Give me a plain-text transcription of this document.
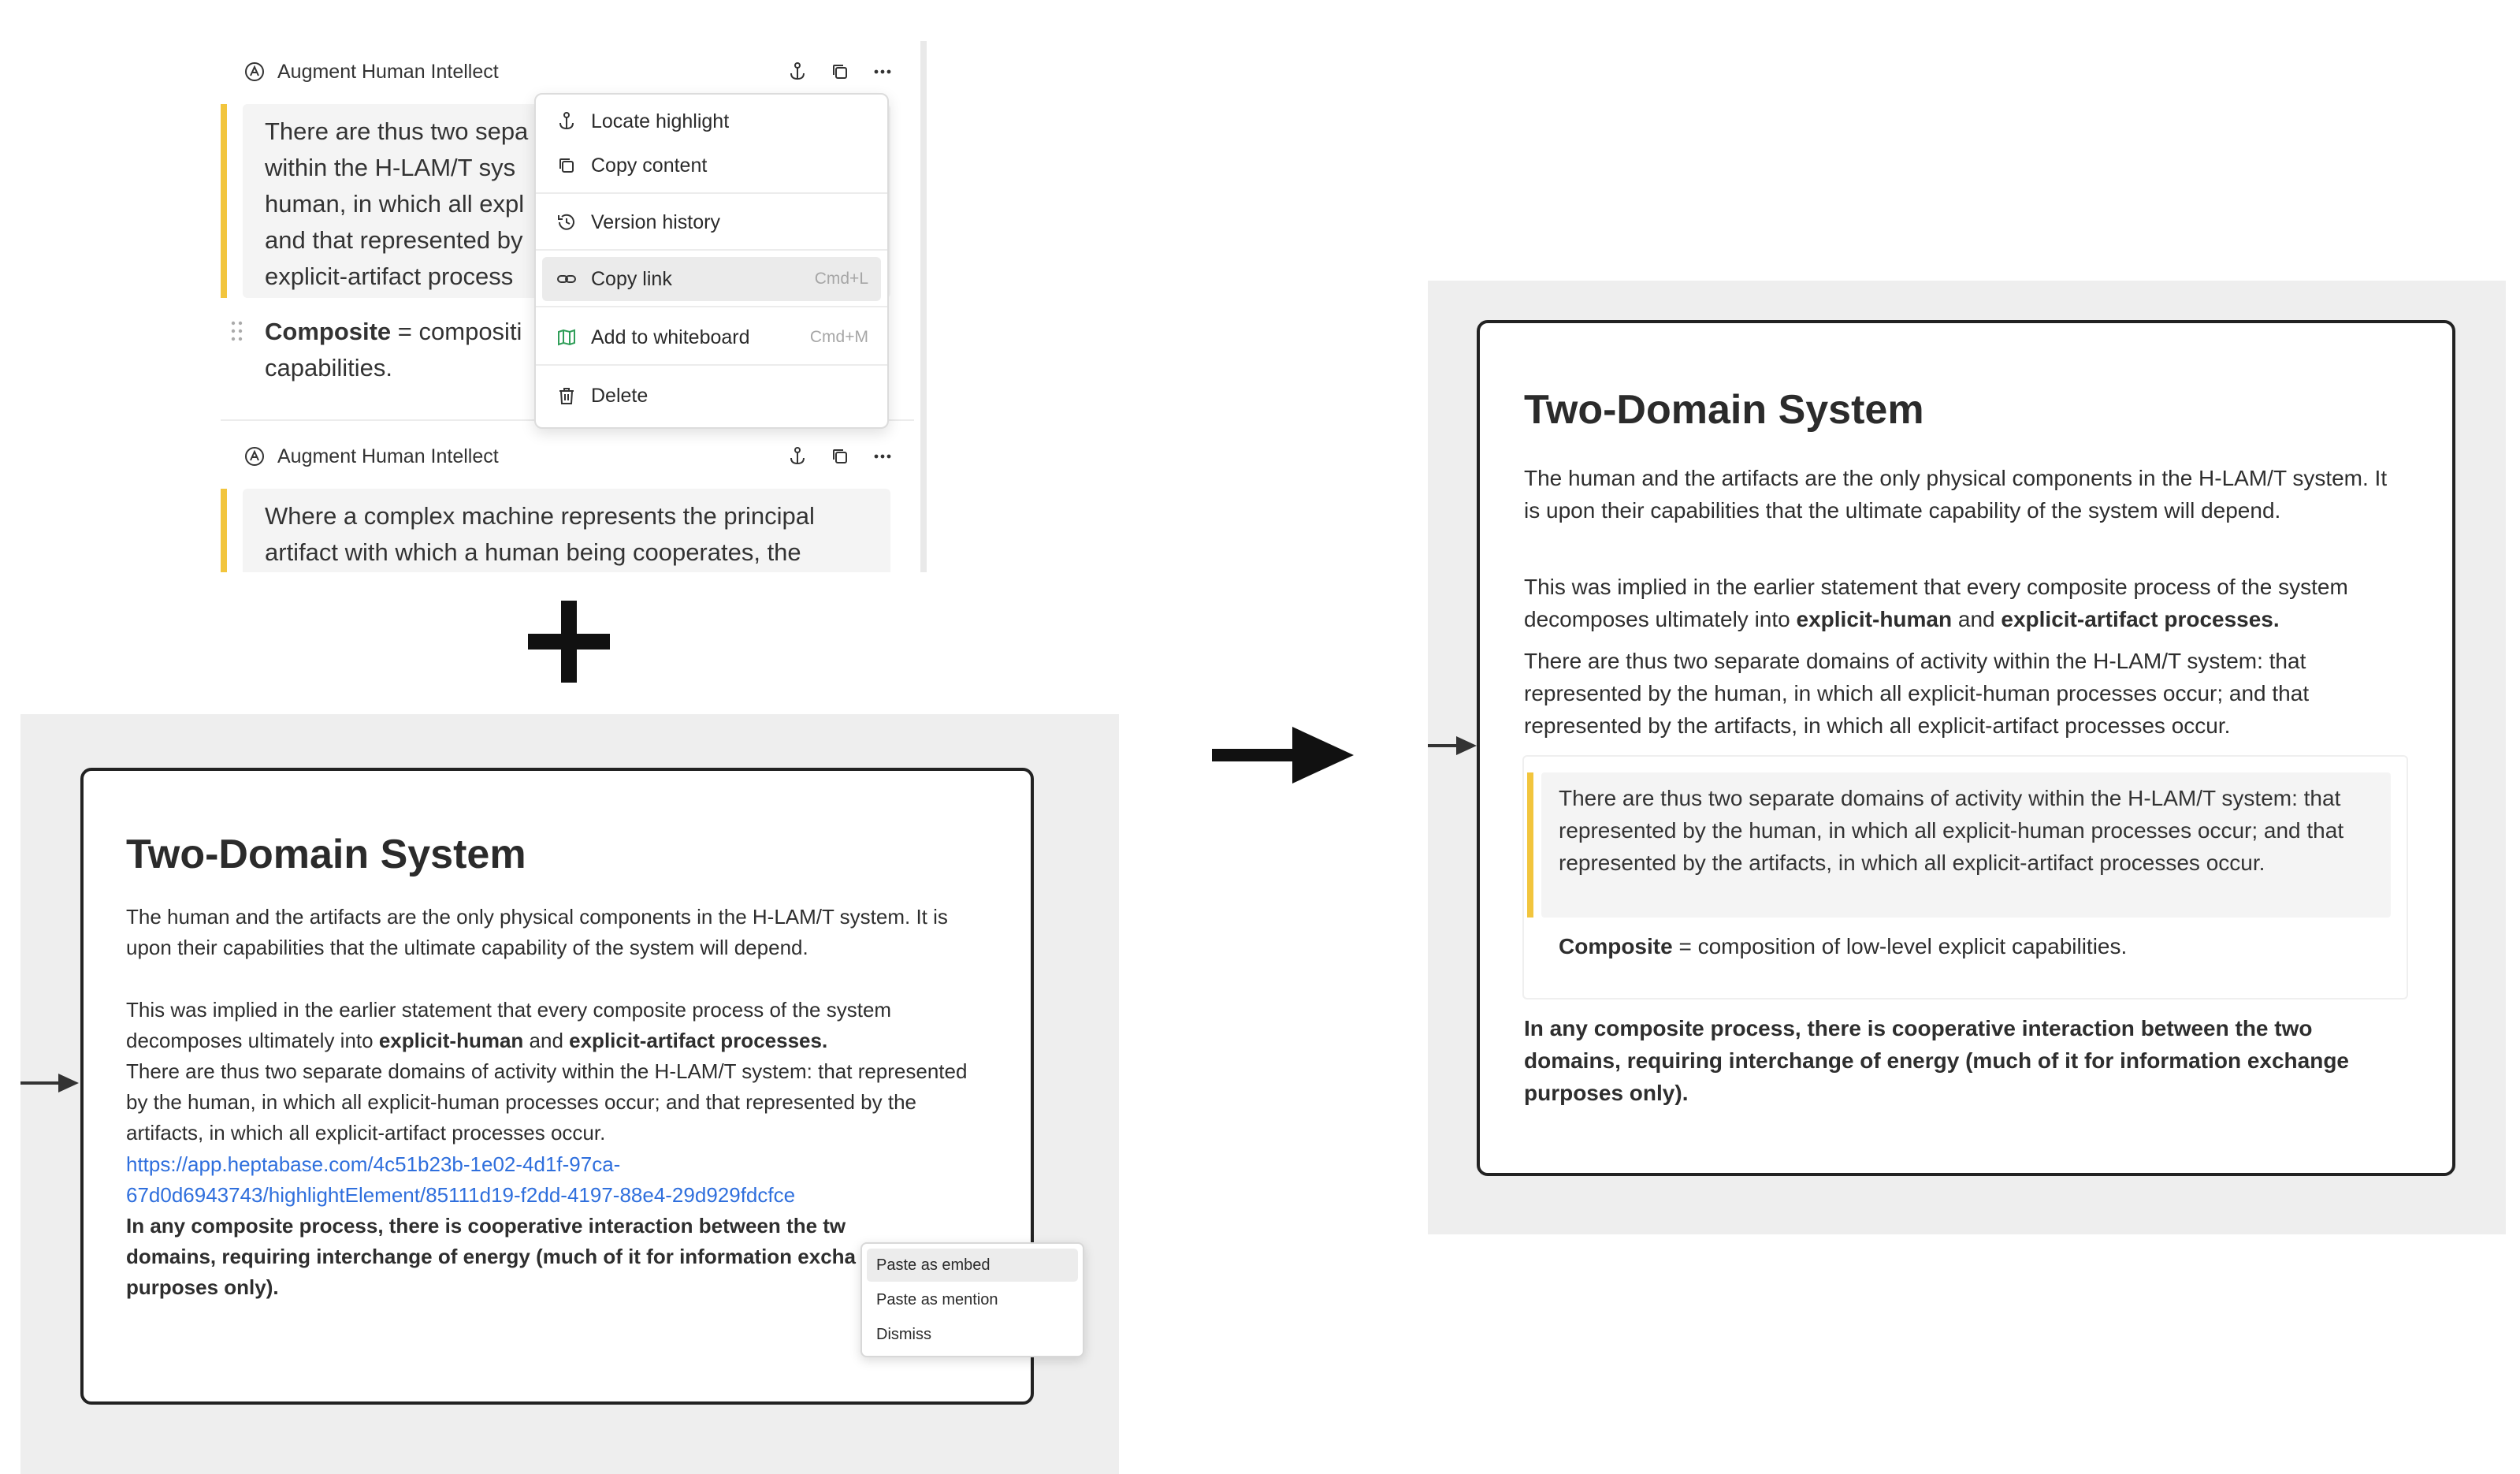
Augment Human Intellect
There are thus two sepa
within the H-LAM/T sys
human, in which all expl
and that represented by
explicit-artifact process
Composite = compositi
capabilities.
Augment Human Intellect
Where a complex machine represents the principal
artifact with which a human being cooperates, the
Locate highlight
Copy content
Version history
Copy link	Cmd+L
Add to whiteboard	Cmd+M
Delete
Two-Domain System
The human and the artifacts are the only physical components in the H-LAM/T system. It is upon their capabilities that the ultimate capability of the system will depend.
This was implied in the earlier statement that every composite process of the system decomposes ultimately into explicit-human and explicit-artifact processes.
There are thus two separate domains of activity within the H-LAM/T system: that represented by the human, in which all explicit-human processes occur; and that represented by the artifacts, in which all explicit-artifact processes occur.
https://app.heptabase.com/4c51b23b-1e02-4d1f-97ca-
67d0d6943743/highlightElement/85111d19-f2dd-4197-88e4-29d929fdcfce
In any composite process, there is cooperative interaction between the tw
domains, requiring interchange of energy (much of it for information excha
purposes only).
Paste as embed
Paste as mention
Dismiss
Two-Domain System
The human and the artifacts are the only physical components in the H-LAM/T system. It is upon their capabilities that the ultimate capability of the system will depend.
This was implied in the earlier statement that every composite process of the system decomposes ultimately into explicit-human and explicit-artifact processes.
There are thus two separate domains of activity within the H-LAM/T system: that represented by the human, in which all explicit-human processes occur; and that represented by the artifacts, in which all explicit-artifact processes occur.
There are thus two separate domains of activity within the H-LAM/T system: that represented by the human, in which all explicit-human processes occur; and that represented by the artifacts, in which all explicit-artifact processes occur.
Composite = composition of low-level explicit capabilities.
In any composite process, there is cooperative interaction between the two domains, requiring interchange of energy (much of it for information exchange purposes only).
